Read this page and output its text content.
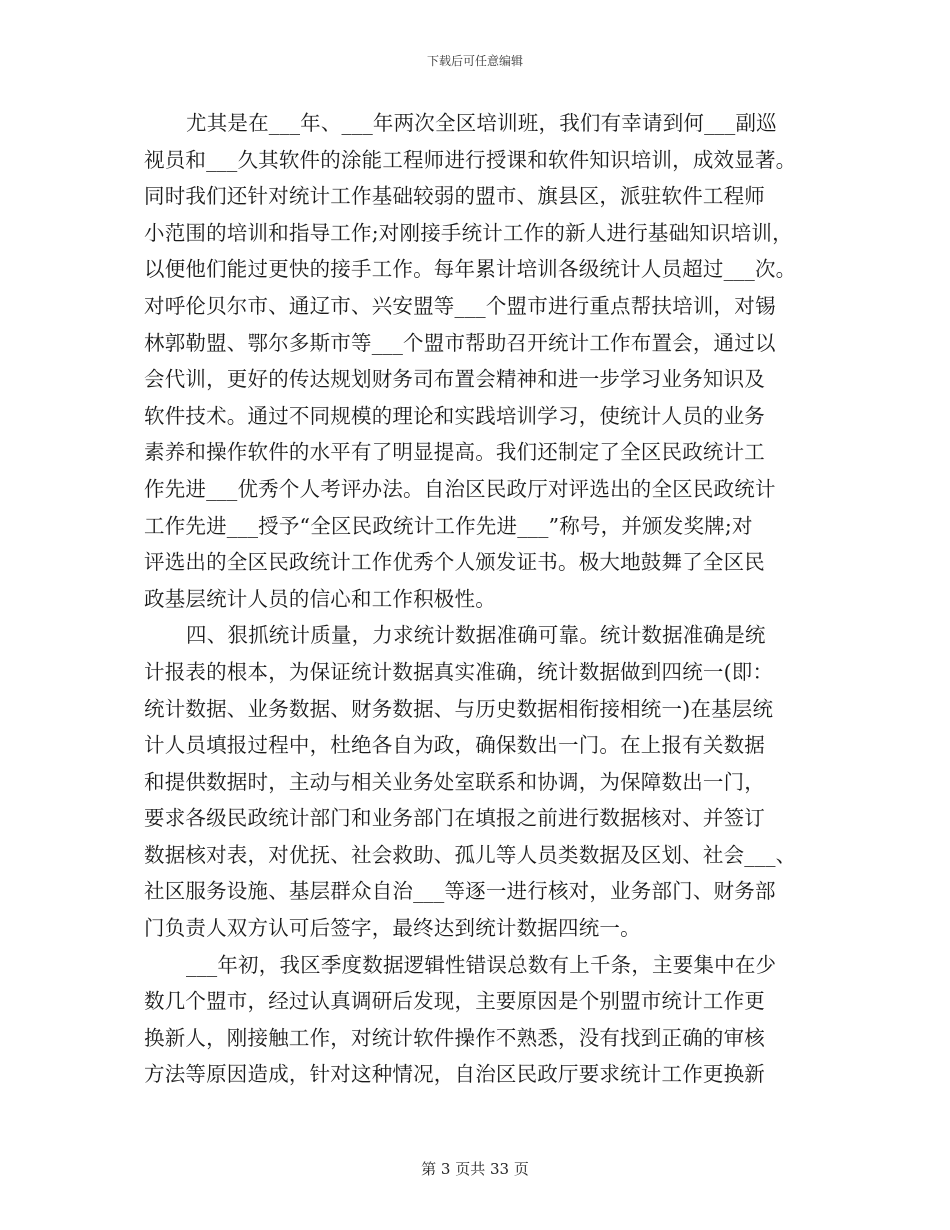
下载后可任意编辑
尤其是在___年、___年两次全区培训班，我们有幸请到何___副巡
视员和___久其软件的涂能工程师进行授课和软件知识培训，成效显著。
同时我们还针对统计工作基础较弱的盟市、旗县区，派驻软件工程师
小范围的培训和指导工作;对刚接手统计工作的新人进行基础知识培训，
以便他们能过更快的接手工作。每年累计培训各级统计人员超过___次。
对呼伦贝尔市、通辽市、兴安盟等___个盟市进行重点帮扶培训，对锡
林郭勒盟、鄂尔多斯市等___个盟市帮助召开统计工作布置会，通过以
会代训，更好的传达规划财务司布置会精神和进一步学习业务知识及
软件技术。通过不同规模的理论和实践培训学习，使统计人员的业务
素养和操作软件的水平有了明显提高。我们还制定了全区民政统计工
作先进___优秀个人考评办法。自治区民政厅对评选出的全区民政统计
工作先进___授予“全区民政统计工作先进___”称号，并颁发奖牌;对
评选出的全区民政统计工作优秀个人颁发证书。极大地鼓舞了全区民
政基层统计人员的信心和工作积极性。
四、狠抓统计质量，力求统计数据准确可靠。统计数据准确是统
计报表的根本，为保证统计数据真实准确，统计数据做到四统一(即：
统计数据、业务数据、财务数据、与历史数据相衔接相统一)在基层统
计人员填报过程中，杜绝各自为政，确保数出一门。在上报有关数据
和提供数据时，主动与相关业务处室联系和协调，为保障数出一门，
要求各级民政统计部门和业务部门在填报之前进行数据核对、并签订
数据核对表，对优抚、社会救助、孤儿等人员类数据及区划、社会___、
社区服务设施、基层群众自治___等逐一进行核对，业务部门、财务部
门负责人双方认可后签字，最终达到统计数据四统一。
___年初，我区季度数据逻辑性错误总数有上千条，主要集中在少
数几个盟市，经过认真调研后发现，主要原因是个别盟市统计工作更
换新人，刚接触工作，对统计软件操作不熟悉，没有找到正确的审核
方法等原因造成，针对这种情况，自治区民政厅要求统计工作更换新
第 3 页共 33 页
